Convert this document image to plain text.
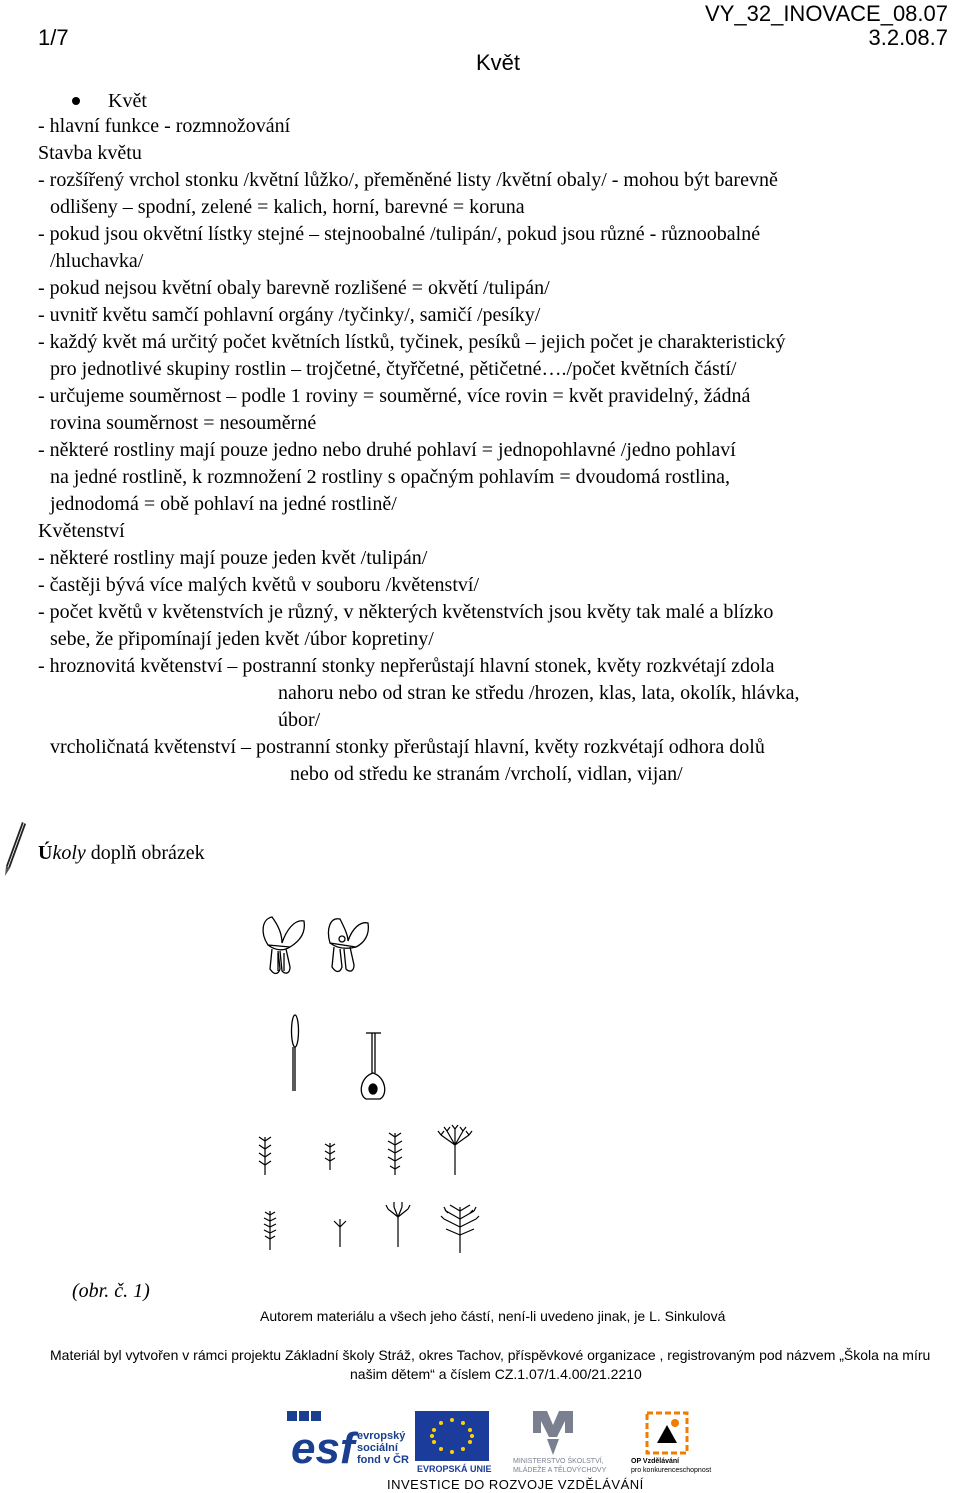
1/7
VY_32_INOVACE_08.07
3.2.08.7
Květ
Květ
- hlavní funkce - rozmnožování
Stavba květu
- rozšířený vrchol stonku /květní lůžko/, přeměněné listy /květní obaly/ - mohou být barevně
odlišeny – spodní, zelené = kalich, horní, barevné = koruna
- pokud jsou okvětní lístky stejné – stejnoobalné /tulipán/, pokud jsou různé - různoobalné
/hluchavka/
- pokud nejsou květní obaly barevně rozlišené = okvětí /tulipán/
- uvnitř květu samčí pohlavní orgány /tyčinky/, samičí /pesíky/
- každý květ má určitý počet květních lístků, tyčinek, pesíků – jejich počet je charakteristický
pro jednotlivé skupiny rostlin – trojčetné, čtyřčetné, pětičetné…./počet květních částí/
- určujeme souměrnost – podle 1 roviny = souměrné, více rovin = květ pravidelný, žádná
rovina souměrnost = nesouměrné
- některé rostliny mají pouze jedno nebo druhé pohlaví = jednopohlavné /jedno pohlaví
na jedné rostlině, k rozmnožení 2 rostliny s opačným pohlavím = dvoudomá rostlina,
jednodomá = obě pohlaví na jedné rostlině/
Květenství
- některé rostliny mají pouze jeden květ /tulipán/
- častěji bývá více malých květů v souboru /květenství/
- počet květů v květenstvích je různý, v některých květenstvích jsou květy tak malé a blízko
sebe, že připomínají jeden květ /úbor kopretiny/
- hroznovitá květenství – postranní stonky nepřerůstají hlavní stonek, květy rozkvétají zdola
nahoru nebo od stran ke středu /hrozen, klas, lata, okolík, hlávka,
úbor/
vrcholičnatá květenství – postranní stonky přerůstají hlavní, květy rozkvétají odhora dolů
nebo od středu ke stranám /vrcholí, vidlan, vijan/
Úkoly doplň obrázek
(obr. č. 1)
Autorem materiálu a všech jeho částí, není-li uvedeno jinak, je L. Sinkulová
Materiál byl vytvořen v rámci projektu Základní školy Stráž, okres Tachov, příspěvkové organizace , registrovaným pod názvem „Škola na míru
našim dětem“ a číslem CZ.1.07/1.4.00/21.2210
esf evropský
sociální
fond v ČR
EVROPSKÁ UNIE
MINISTERSTVO ŠKOLSTVÍ,
MLÁDEŽE A TĚLOVÝCHOVY
OP Vzdělávání
pro konkurenceschopnost
INVESTICE DO ROZVOJE VZDĚLÁVÁNÍ
